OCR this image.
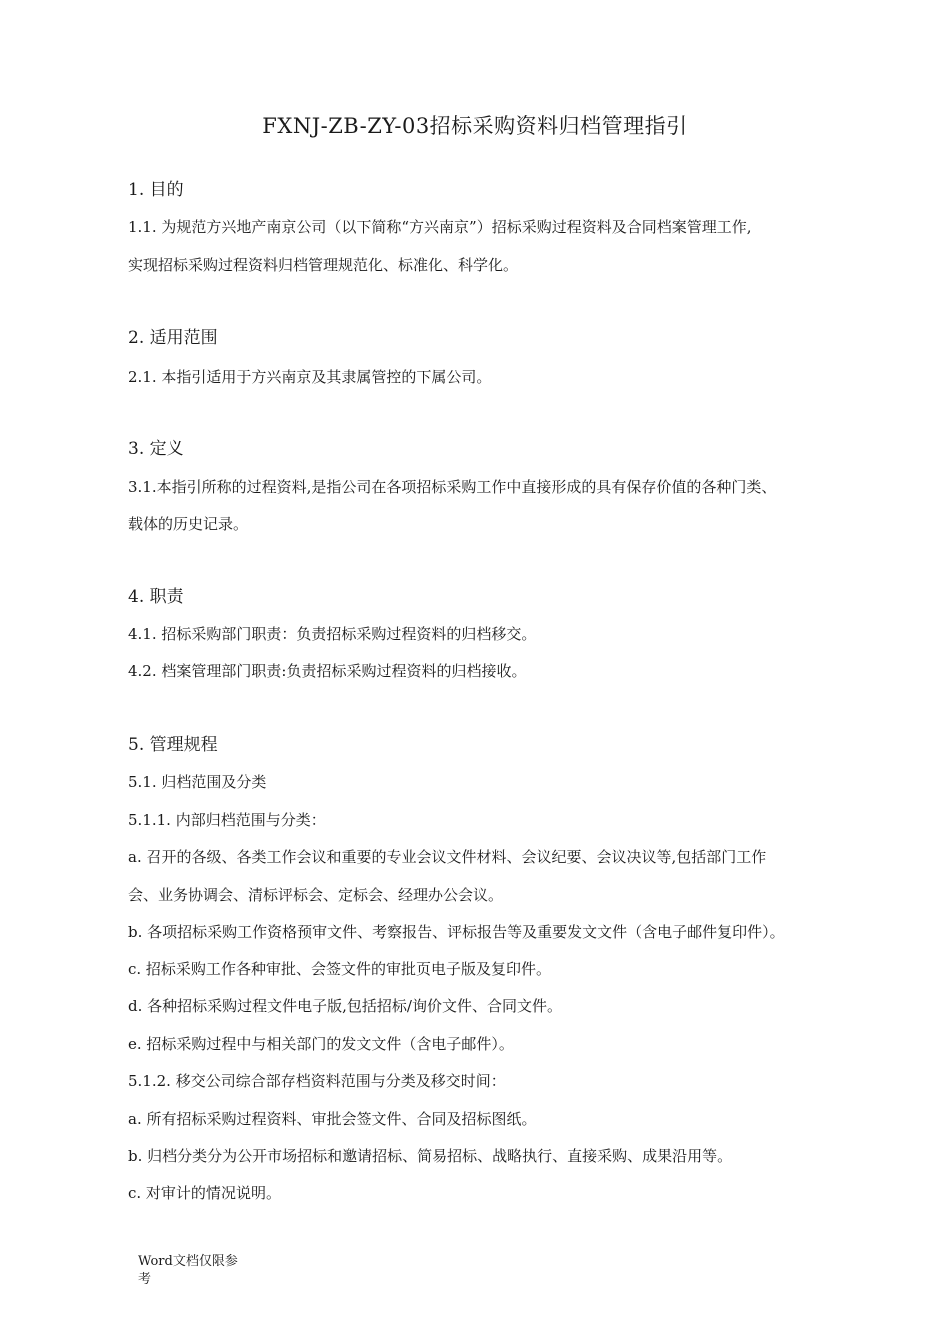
FXNJ-ZB-ZY-03招标采购资料归档管理指引
1. 目的
1.1. 为规范方兴地产南京公司（以下简称“方兴南京”）招标采购过程资料及合同档案管理工作,
实现招标采购过程资料归档管理规范化、标准化、科学化。
2. 适用范围
2.1. 本指引适用于方兴南京及其隶属管控的下属公司。
3. 定义
3.1.本指引所称的过程资料,是指公司在各项招标采购工作中直接形成的具有保存价值的各种门类、
载体的历史记录。
4. 职责
4.1. 招标采购部门职责：负责招标采购过程资料的归档移交。
4.2. 档案管理部门职责:负责招标采购过程资料的归档接收。
5. 管理规程
5.1. 归档范围及分类
5.1.1. 内部归档范围与分类：
a. 召开的各级、各类工作会议和重要的专业会议文件材料、会议纪要、会议决议等,包括部门工作
会、业务协调会、清标评标会、定标会、经理办公会议。
b. 各项招标采购工作资格预审文件、考察报告、评标报告等及重要发文文件（含电子邮件复印件）。
c. 招标采购工作各种审批、会签文件的审批页电子版及复印件。
d. 各种招标采购过程文件电子版,包括招标/询价文件、合同文件。
e. 招标采购过程中与相关部门的发文文件（含电子邮件）。
5.1.2. 移交公司综合部存档资料范围与分类及移交时间：
a. 所有招标采购过程资料、审批会签文件、合同及招标图纸。
b. 归档分类分为公开市场招标和邀请招标、简易招标、战略执行、直接采购、成果沿用等。
c. 对审计的情况说明。
Word文档仅限参考
